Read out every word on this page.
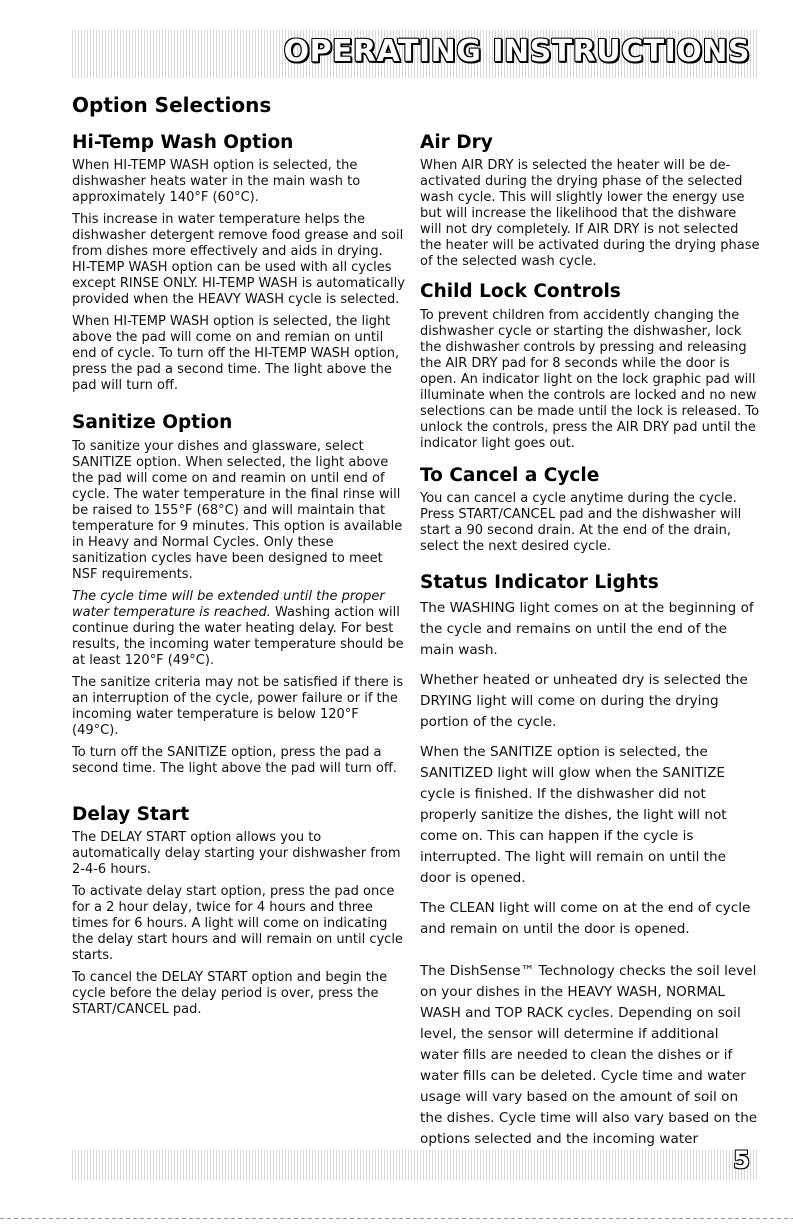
OPERATING INSTRUCTIONS
Option Selections
Hi-Temp Wash Option

When HI-TEMP WASH option is selected, the dishwasher heats water in the main wash to approximately 140°F (60°C).

This increase in water temperature helps the dishwasher detergent remove food grease and soil from dishes more effectively and aids in drying. HI-TEMP WASH option can be used with all cycles except RINSE ONLY. HI-TEMP WASH is automatically provided when the HEAVY WASH cycle is selected.

When HI-TEMP WASH option is selected, the light above the pad will come on and remian on until end of cycle. To turn off the HI-TEMP WASH option, press the pad a second time. The light above the pad will turn off.

Sanitize Option

To sanitize your dishes and glassware, select SANITIZE option. When selected, the light above the pad will come on and reamin on until end of cycle. The water temperature in the final rinse will be raised to 155°F (68°C) and will maintain that temperature for 9 minutes. This option is available in Heavy and Normal Cycles. Only these sanitization cycles have been designed to meet NSF requirements.

The cycle time will be extended until the proper water temperature is reached. Washing action will continue during the water heating delay. For best results, the incoming water temperature should be at least 120°F (49°C).

The sanitize criteria may not be satisfied if there is an interruption of the cycle, power failure or if the incoming water temperature is below 120°F (49°C).

To turn off the SANITIZE option, press the pad a second time. The light above the pad will turn off.

Delay Start

The DELAY START option allows you to automatically delay starting your dishwasher from 2-4-6 hours.

To activate delay start option, press the pad once for a 2 hour delay, twice for 4 hours and three times for 6 hours. A light will come on indicating the delay start hours and will remain on until cycle starts.

To cancel the DELAY START option and begin the cycle before the delay period is over, press the START/CANCEL pad.

Air Dry

When AIR DRY is selected the heater will be de-activated during the drying phase of the selected wash cycle. This will slightly lower the energy use but will increase the likelihood that the dishware will not dry completely. If AIR DRY is not selected the heater will be activated during the drying phase of the selected wash cycle.

Child Lock Controls

To prevent children from accidently changing the dishwasher cycle or starting the dishwasher, lock the dishwasher controls by pressing and releasing the AIR DRY pad for 8 seconds while the door is open. An indicator light on the lock graphic pad will illuminate when the controls are locked and no new selections can be made until the lock is released. To unlock the controls, press the AIR DRY pad until the indicator light goes out.

To Cancel a Cycle

You can cancel a cycle anytime during the cycle. Press START/CANCEL pad and the dishwasher will start a 90 second drain. At the end of the drain, select the next desired cycle.

Status Indicator Lights

The WASHING light comes on at the beginning of the cycle and remains on until the end of the main wash.

Whether heated or unheated dry is selected the DRYING light will come on during the drying portion of the cycle.

When the SANITIZE option is selected, the SANITIZED light will glow when the SANITIZE cycle is finished. If the dishwasher did not properly sanitize the dishes, the light will not come on. This can happen if the cycle is interrupted. The light will remain on until the door is opened.

The CLEAN light will come on at the end of cycle and remain on until the door is opened.

The DishSense™ Technology checks the soil level on your dishes in the HEAVY WASH, NORMAL WASH and TOP RACK cycles. Depending on soil level, the sensor will determine if additional water fills are needed to clean the dishes or if water fills can be deleted. Cycle time and water usage will vary based on the amount of soil on the dishes. Cycle time will also vary based on the options selected and the incoming water

5
